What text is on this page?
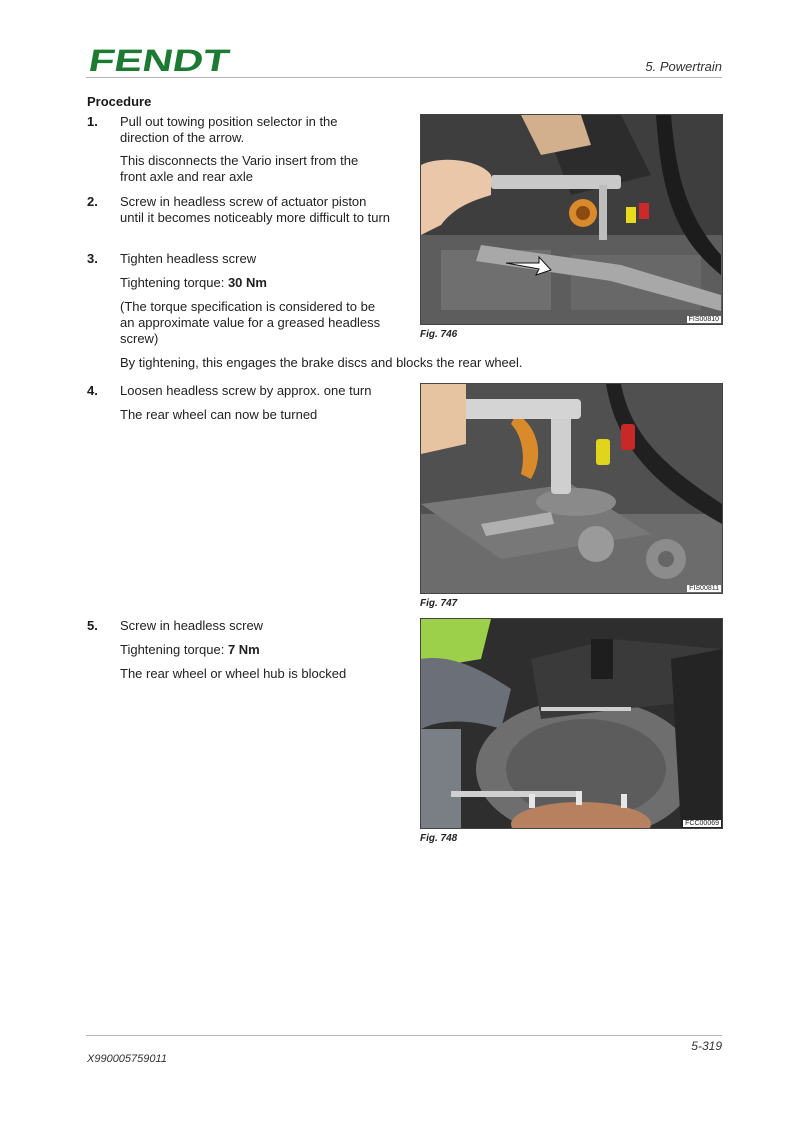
FENDT	5. Powertrain
Procedure
1. Pull out towing position selector in the direction of the arrow.
This disconnects the Vario insert from the front axle and rear axle
2. Screw in headless screw of actuator piston until it becomes noticeably more difficult to turn
3. Tighten headless screw
Tightening torque: 30 Nm
(The torque specification is considered to be an approximate value for a greased headless screw)
By tightening, this engages the brake discs and blocks the rear wheel.
4. Loosen headless screw by approx. one turn
The rear wheel can now be turned
5. Screw in headless screw
Tightening torque: 7 Nm
The rear wheel or wheel hub is blocked
FIS00810
Fig. 746
FIS00811
Fig. 747
FCC00069
Fig. 748
5-319
X990005759011
